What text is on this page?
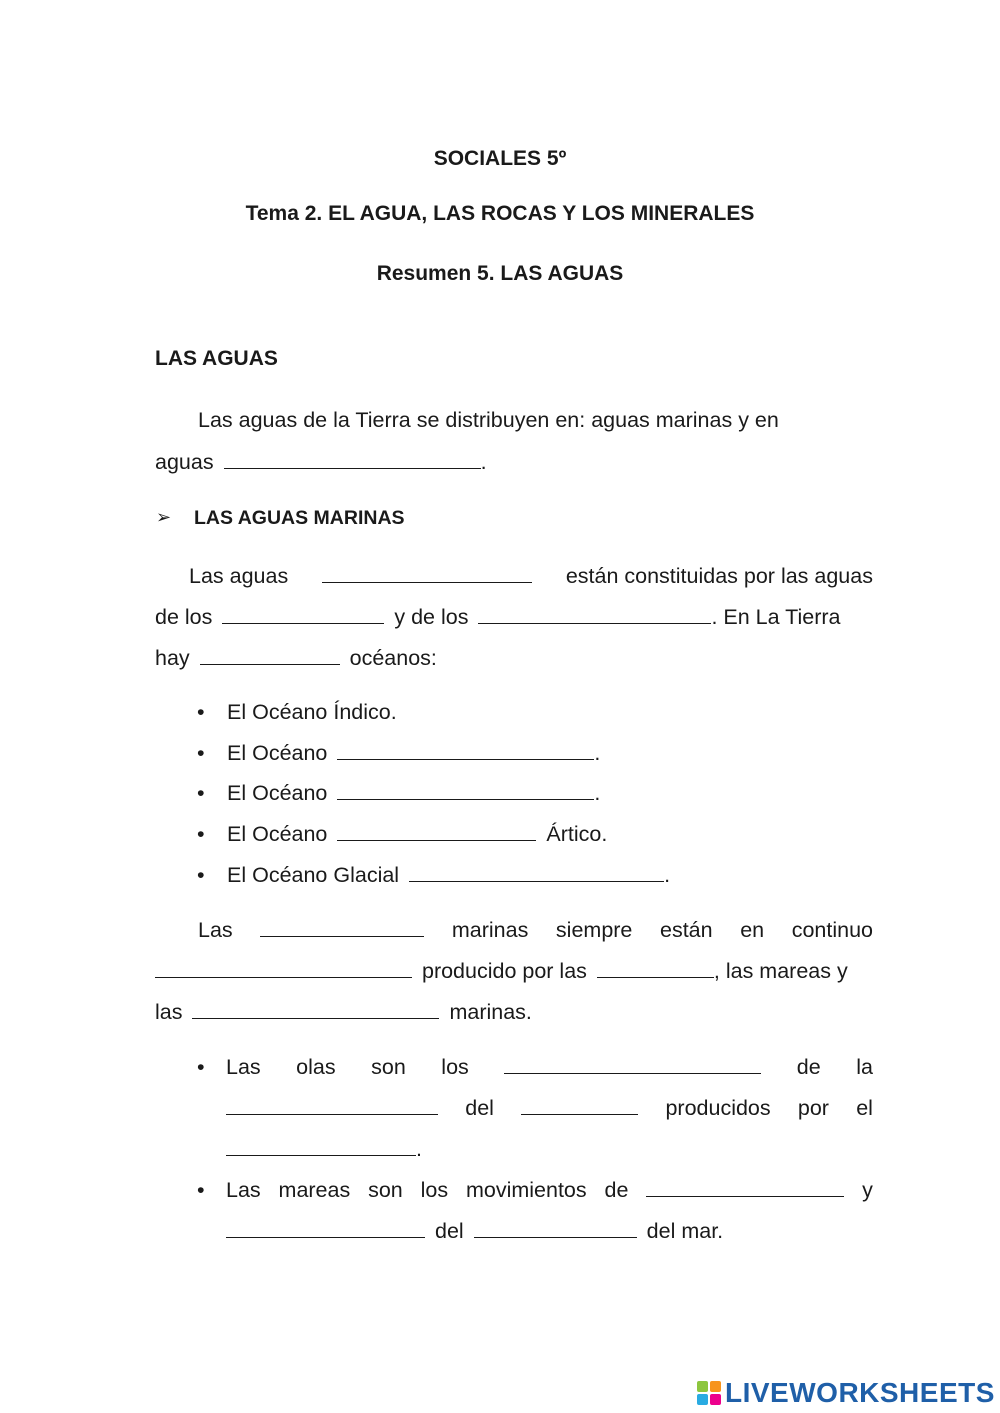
SOCIALES 5º
Tema 2. EL AGUA, LAS ROCAS Y LOS MINERALES
Resumen 5. LAS AGUAS
LAS AGUAS
Las aguas de la Tierra se distribuyen en: aguas marinas y en
aguas	.
➢ LAS AGUAS MARINAS
Las aguas	están constituidas por las aguas
de los	y de los	. En La Tierra
hay	océanos:
• El Océano Índico.
• El Océano	.
• El Océano	.
• El Océano	Ártico.
• El Océano Glacial	.
Las	marinas siempre están en continuo
producido por las	, las mareas y
las	marinas.
• Las olas son los	de la
del	producidos por el
.
• Las mareas son los movimientos de	y
del	del mar.
LIVEWORKSHEETS
